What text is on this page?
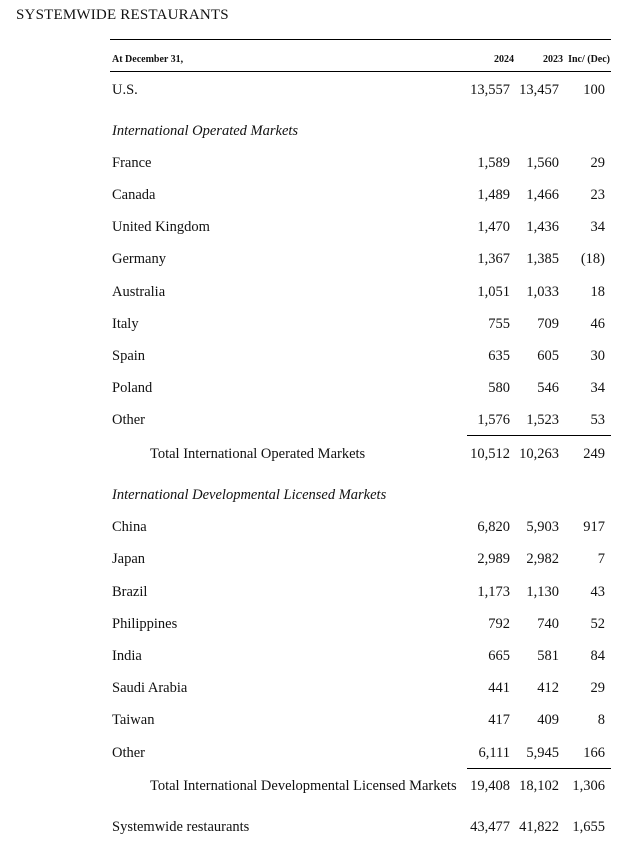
SYSTEMWIDE RESTAURANTS
At December 31,	2024	2023 Inc/ (Dec)
U.S.	13,557 13,457 100
International Operated Markets
France	1,589 1,560 29
Canada	1,489 1,466 23
United Kingdom	1,470 1,436 34
Germany	1,367 1,385 (18)
Australia	1,051 1,033 18
Italy	755 709 46
Spain	635 605 30
Poland	580 546 34
Other	1,576 1,523 53
Total International Operated Markets	10,512 10,263 249
International Developmental Licensed Markets
China	6,820 5,903 917
Japan	2,989 2,982	7
Brazil	1,173 1,130 43
Philippines	792 740 52
India	665 581 84
Saudi Arabia	441 412 29
Taiwan	417 409	8
Other	6,111 5,945 166
Total International Developmental Licensed Markets 19,408 18,102 1,306
Systemwide restaurants	43,477 41,822 1,655
